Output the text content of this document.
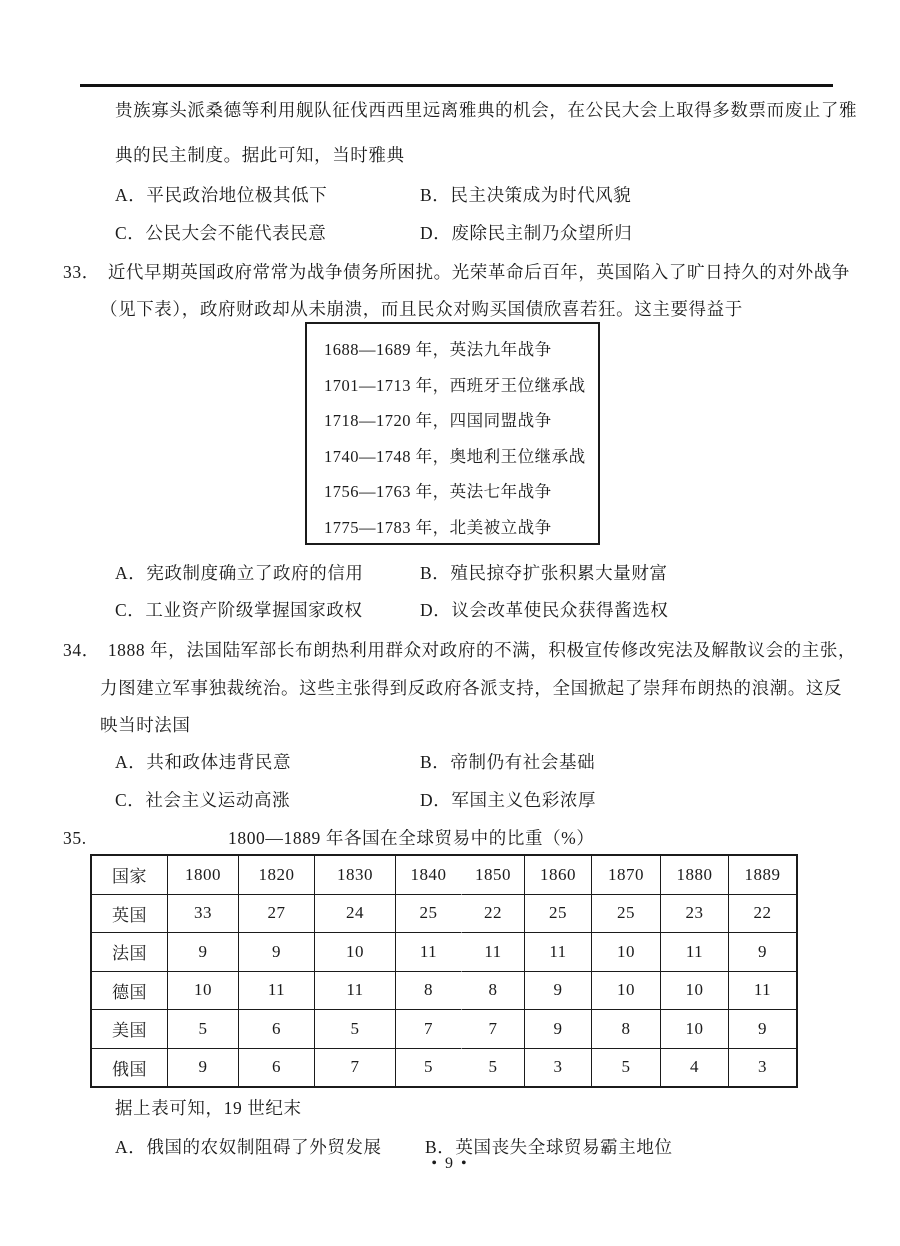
贵族寡头派桑德等利用舰队征伐西西里远离雅典的机会，在公民大会上取得多数票而废止了雅
典的民主制度。据此可知，当时雅典
A．平民政治地位极其低下	B．民主决策成为时代风貌
C．公民大会不能代表民意	D．废除民主制乃众望所归
33． 近代早期英国政府常常为战争债务所困扰。光荣革命后百年，英国陷入了旷日持久的对外战争
（见下表），政府财政却从未崩溃，而且民众对购买国债欣喜若狂。这主要得益于
1688—1689 年，英法九年战争
1701—1713 年，西班牙王位继承战
1718—1720 年，四国同盟战争
1740—1748 年，奥地利王位继承战
1756—1763 年，英法七年战争
1775—1783 年，北美被立战争
A．宪政制度确立了政府的信用	B．殖民掠夺扩张积累大量财富
C．工业资产阶级掌握国家政权	D．议会改革使民众获得酱选权
34． 1888 年，法国陆军部长布朗热利用群众对政府的不满，积极宣传修改宪法及解散议会的主张，
力图建立军事独裁统治。这些主张得到反政府各派支持，全国掀起了崇拜布朗热的浪潮。这反
映当时法国
A．共和政体违背民意	B．帝制仍有社会基础
C．社会主义运动高涨	D．军国主义色彩浓厚
35.	1800—1889 年各国在全球贸易中的比重（%）
国家	1800	1820	1830	1840	1850	1860	1870	1880	1889
英国	33	27	24	25	22	25	25	23	22
法国	9	9	10	11	11	11	10	11	9
德国	10	11	11	8	8	9	10	10	11
美国	5	6	5	7	7	9	8	10	9
俄国	9	6	7	5	5	3	5	4	3
据上表可知，19 世纪末
A．俄国的农奴制阻碍了外贸发展 B．英国丧失全球贸易霸主地位
• 9 •
